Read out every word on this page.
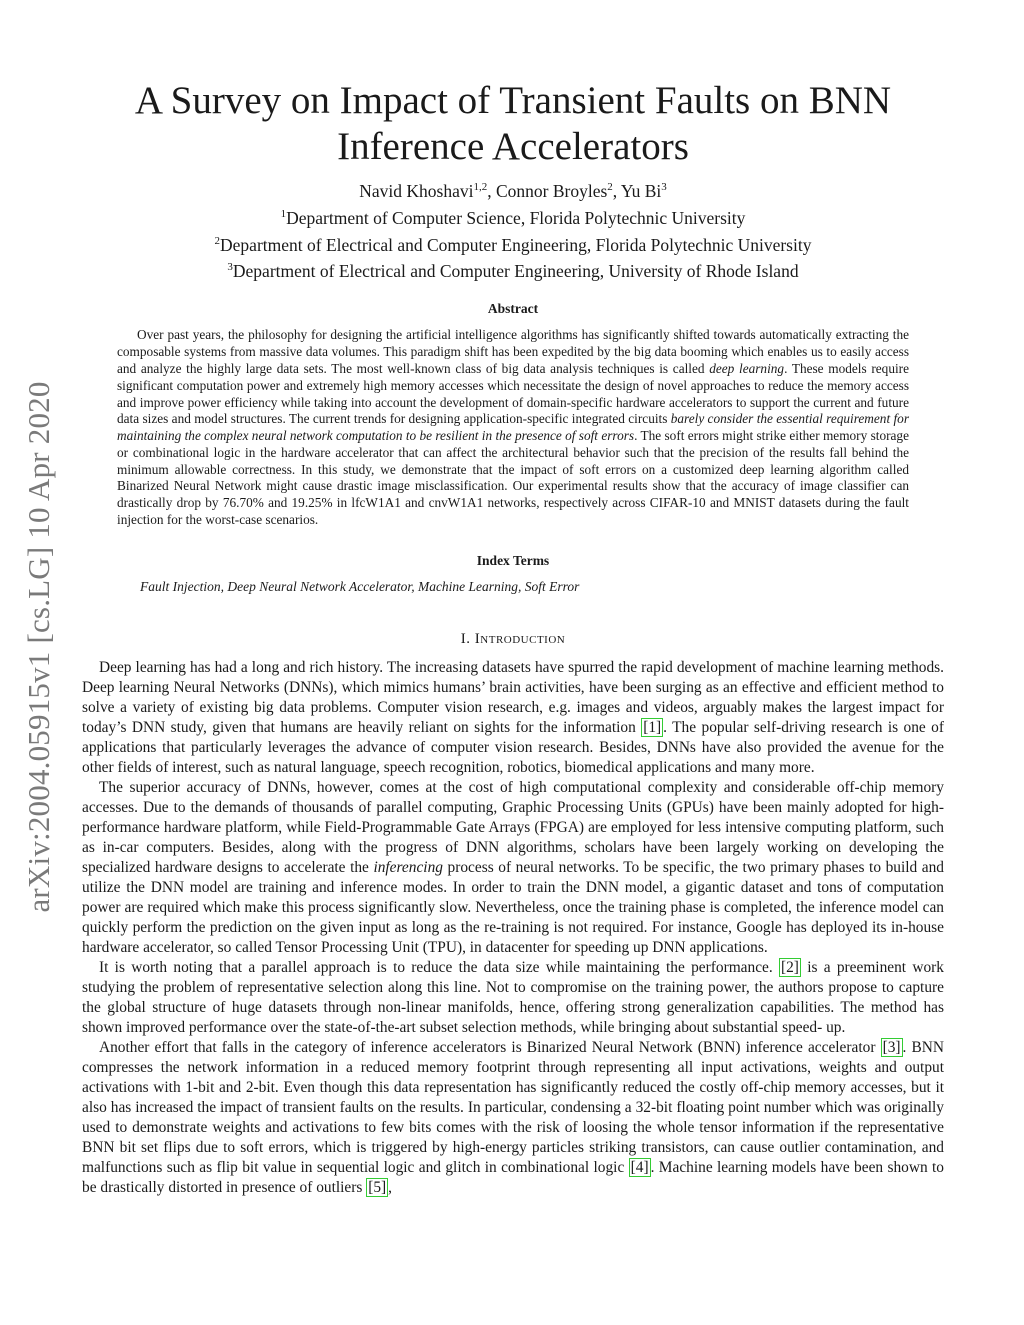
arXiv:2004.05915v1 [cs.LG] 10 Apr 2020
A Survey on Impact of Transient Faults on BNN
Inference Accelerators
Navid Khoshavi$^{1,2}$, Connor Broyles$^2$, Yu Bi$^3$
$^1$Department of Computer Science, Florida Polytechnic University
$^2$Department of Electrical and Computer Engineering, Florida Polytechnic University
$^3$Department of Electrical and Computer Engineering, University of Rhode Island
Abstract

Over past years, the philosophy for designing the artificial intelligence algorithms has significantly shifted towards automatically extracting the composable systems from massive data volumes. This paradigm shift has been expedited by the big data booming which enables us to easily access and analyze the highly large data sets. The most well-known class of big data analysis techniques is called deep learning. These models require significant computation power and extremely high memory accesses which necessitate the design of novel approaches to reduce the memory access and improve power efficiency while taking into account the development of domain-specific hardware accelerators to support the current and future data sizes and model structures. The current trends for designing application-specific integrated circuits barely consider the essential requirement for maintaining the complex neural network computation to be resilient in the presence of soft errors. The soft errors might strike either memory storage or combinational logic in the hardware accelerator that can affect the architectural behavior such that the precision of the results fall behind the minimum allowable correctness. In this study, we demonstrate that the impact of soft errors on a customized deep learning algorithm called Binarized Neural Network might cause drastic image misclassification. Our experimental results show that the accuracy of image classifier can drastically drop by 76.70% and 19.25% in lfcW1A1 and cnvW1A1 networks, respectively across CIFAR-10 and MNIST datasets during the fault injection for the worst-case scenarios.

Index Terms
Fault Injection, Deep Neural Network Accelerator, Machine Learning, Soft Error
I. Introduction

Deep learning has had a long and rich history. The increasing datasets have spurred the rapid development of machine learning methods. Deep learning Neural Networks (DNNs), which mimics humans’ brain activities, have been surging as an effective and efficient method to solve a variety of existing big data problems. Computer vision research, e.g. images and videos, arguably makes the largest impact for today’s DNN study, given that humans are heavily reliant on sights for the information [1] . The popular self-driving research is one of applications that particularly leverages the advance of computer vision research. Besides, DNNs have also provided the avenue for the other fields of interest, such as natural language, speech recognition, robotics, biomedical applications and many more.

The superior accuracy of DNNs, however, comes at the cost of high computational complexity and considerable off-chip memory accesses. Due to the demands of thousands of parallel computing, Graphic Processing Units (GPUs) have been mainly adopted for high-performance hardware platform, while Field-Programmable Gate Arrays (FPGA) are employed for less intensive computing platform, such as in-car computers. Besides, along with the progress of DNN algorithms, scholars have been largely working on developing the specialized hardware designs to accelerate the inferencing process of neural networks. To be specific, the two primary phases to build and utilize the DNN model are training and inference modes. In order to train the DNN model, a gigantic dataset and tons of computation power are required which make this process significantly slow. Nevertheless, once the training phase is completed, the inference model can quickly perform the prediction on the given input as long as the re-training is not required. For instance, Google has deployed its in-house hardware accelerator, so called Tensor Processing Unit (TPU), in datacenter for speeding up DNN applications.

It is worth noting that a parallel approach is to reduce the data size while maintaining the performance. [2] is a preeminent work studying the problem of representative selection along this line. Not to compromise on the training power, the authors propose to capture the global structure of huge datasets through non-linear manifolds, hence, offering strong generalization capabilities. The method has shown improved performance over the state-of-the-art subset selection methods, while bringing about substantial speed- up.

Another effort that falls in the category of inference accelerators is Binarized Neural Network (BNN) inference accelerator [3] . BNN compresses the network information in a reduced memory footprint through representing all input activations, weights and output activations with 1-bit and 2-bit. Even though this data representation has significantly reduced the costly off-chip memory accesses, but it also has increased the impact of transient faults on the results. In particular, condensing a 32-bit floating point number which was originally used to demonstrate weights and activations to few bits comes with the risk of loosing the whole tensor information if the representative BNN bit set flips due to soft errors, which is triggered by high-energy particles striking transistors, can cause outlier contamination, and malfunctions such as flip bit value in sequential logic and glitch in combinational logic [4] . Machine learning models have been shown to be drastically distorted in presence of outliers [5] ,
